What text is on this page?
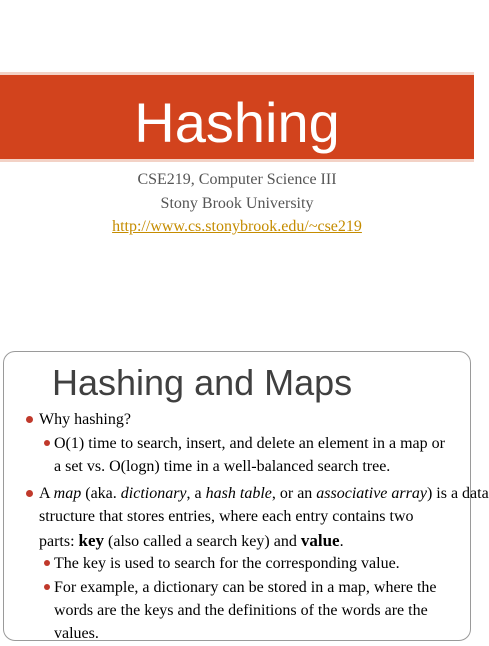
Hashing
CSE219, Computer Science III
Stony Brook University
http://www.cs.stonybrook.edu/~cse219
Hashing and Maps
Why hashing?
O(1) time to search, insert, and delete an element in a map or
a set vs. O(logn) time in a well-balanced search tree.
A map (aka. dictionary, a hash table, or an associative array) is a data
structure that stores entries, where each entry contains two
parts: key (also called a search key) and value.
The key is used to search for the corresponding value.
For example, a dictionary can be stored in a map, where the
words are the keys and the definitions of the words are the
values.
